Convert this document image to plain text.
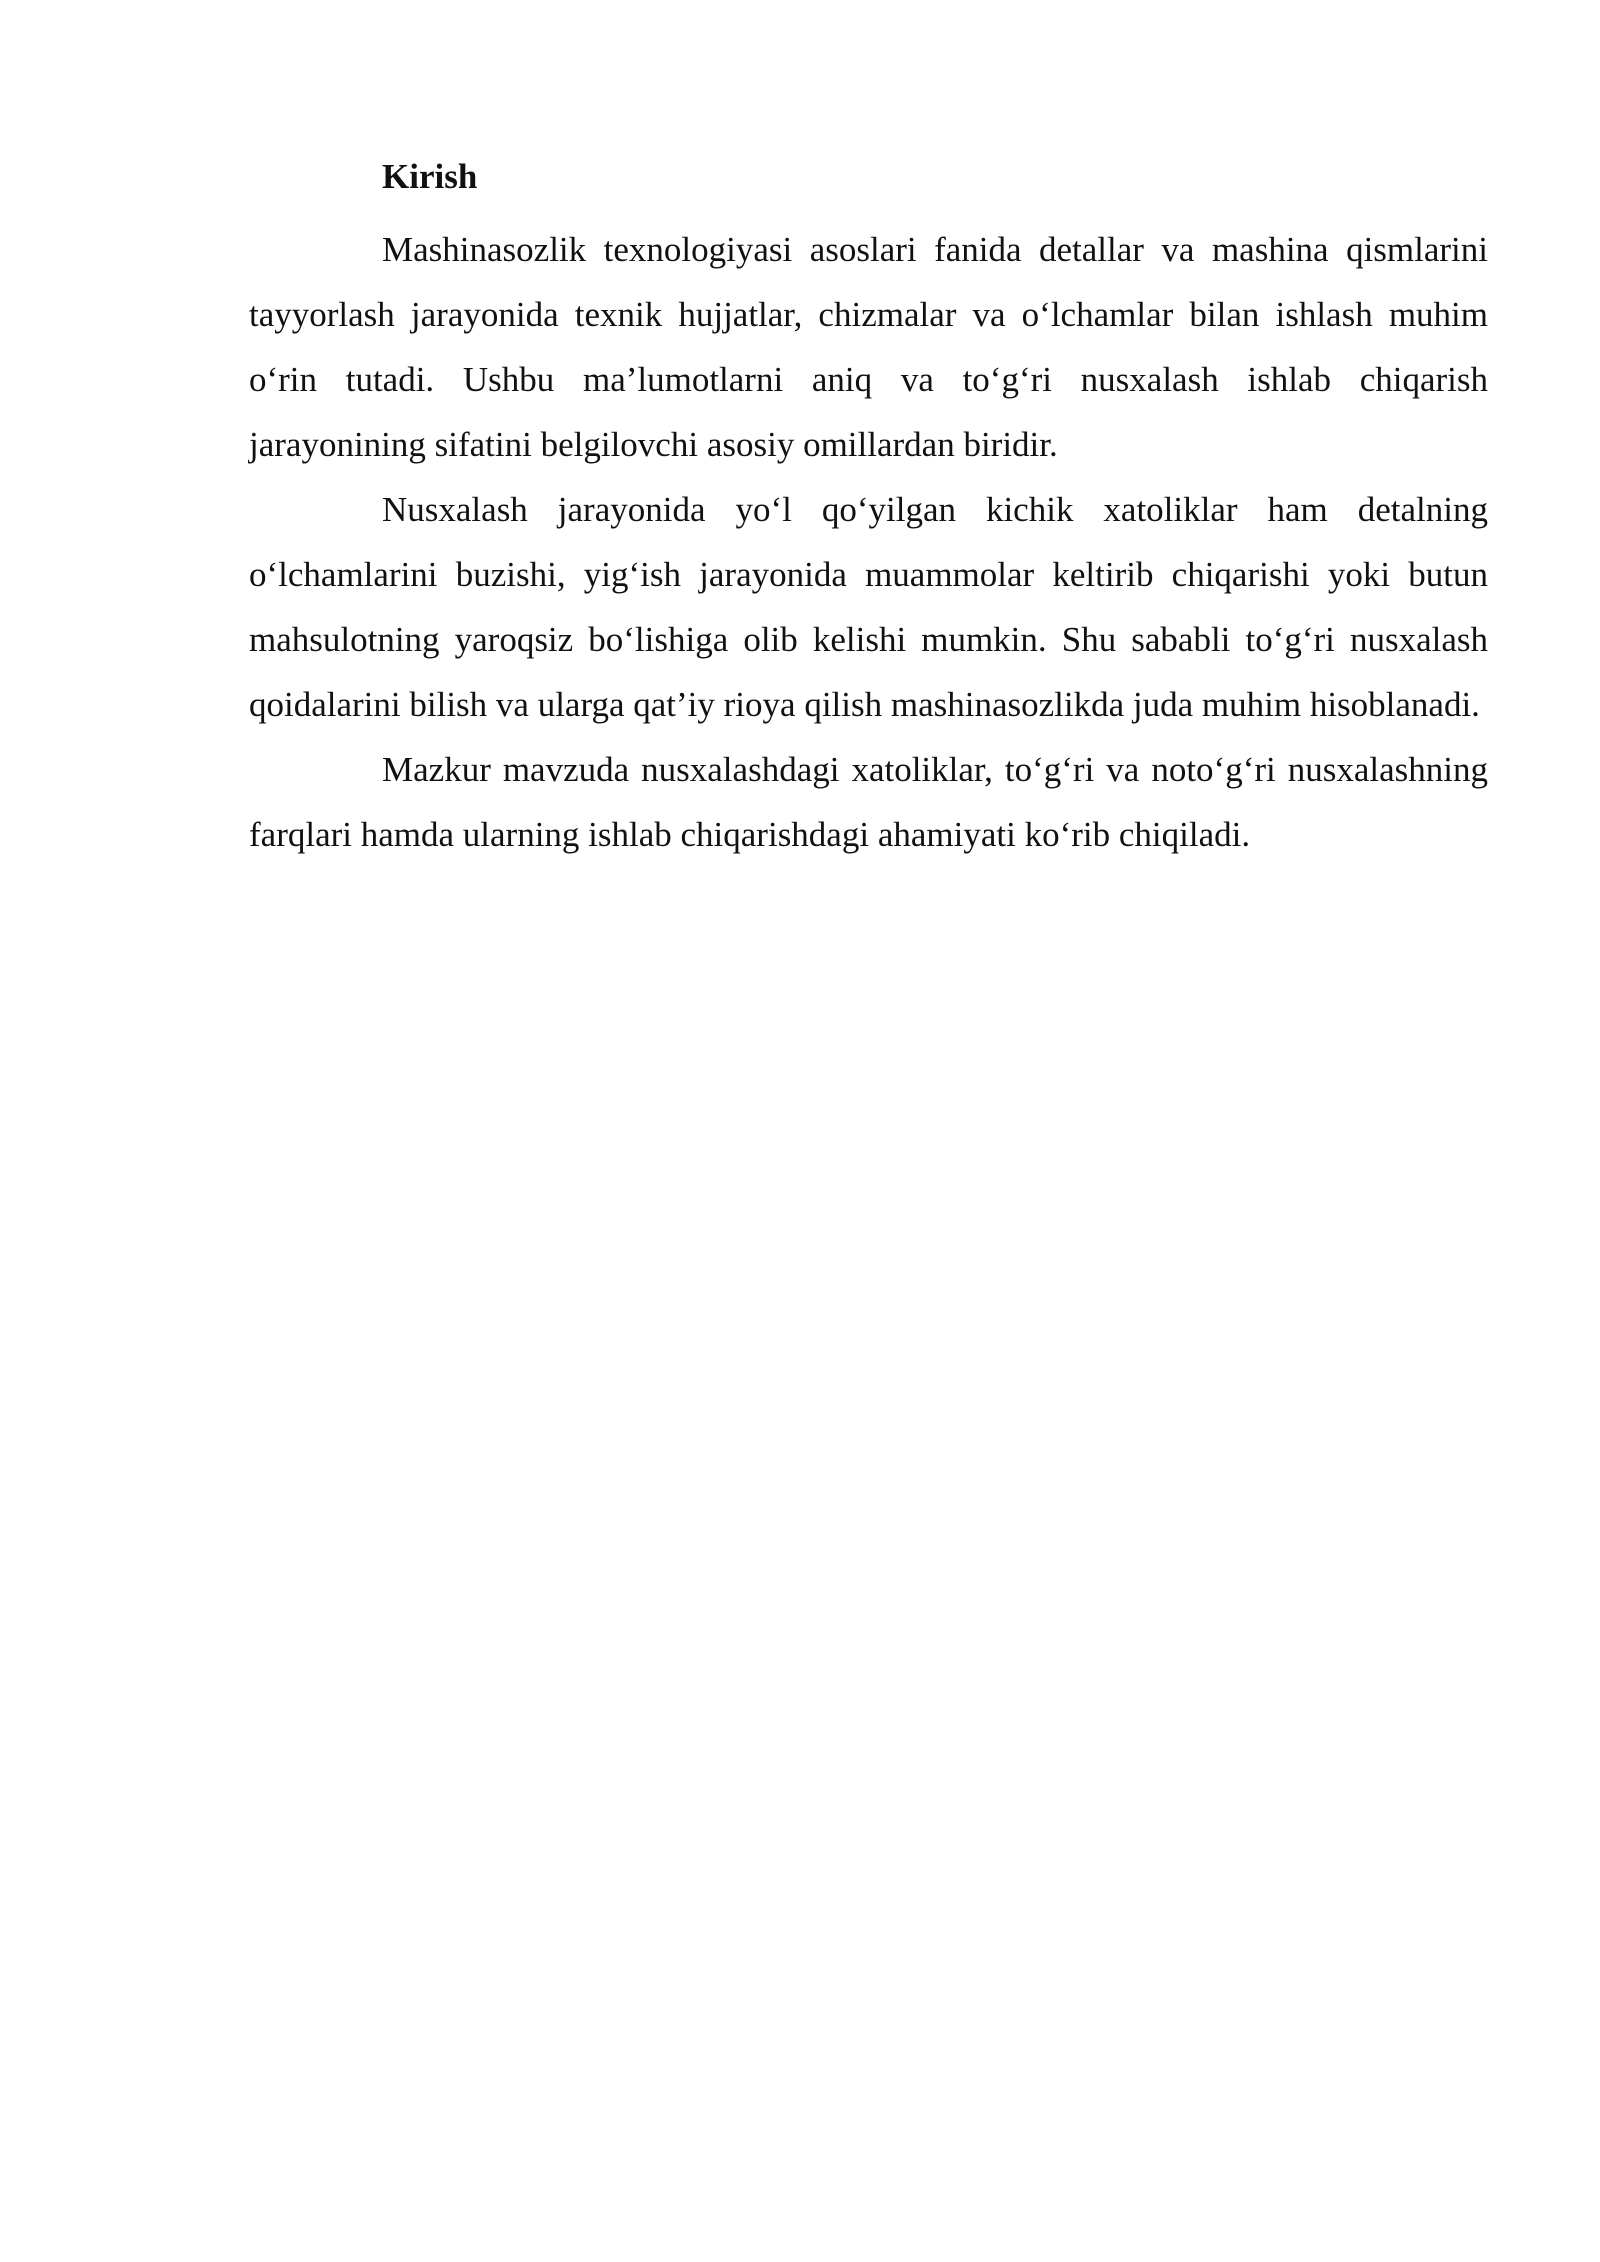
Kirish

Mashinasozlik texnologiyasi asoslari fanida detallar va mashina qismlarini tayyorlash jarayonida texnik hujjatlar, chizmalar va o‘lchamlar bilan ishlash muhim o‘rin tutadi. Ushbu ma’lumotlarni aniq va to‘g‘ri nusxalash ishlab chiqarish jarayonining sifatini belgilovchi asosiy omillardan biridir.

Nusxalash jarayonida yo‘l qo‘yilgan kichik xatoliklar ham detalning o‘lchamlarini buzishi, yig‘ish jarayonida muammolar keltirib chiqarishi yoki butun mahsulotning yaroqsiz bo‘lishiga olib kelishi mumkin. Shu sababli to‘g‘ri nusxalash qoidalarini bilish va ularga qat’iy rioya qilish mashinasozlikda juda muhim hisoblanadi.

Mazkur mavzuda nusxalashdagi xatoliklar, to‘g‘ri va noto‘g‘ri nusxalashning farqlari hamda ularning ishlab chiqarishdagi ahamiyati ko‘rib chiqiladi.
